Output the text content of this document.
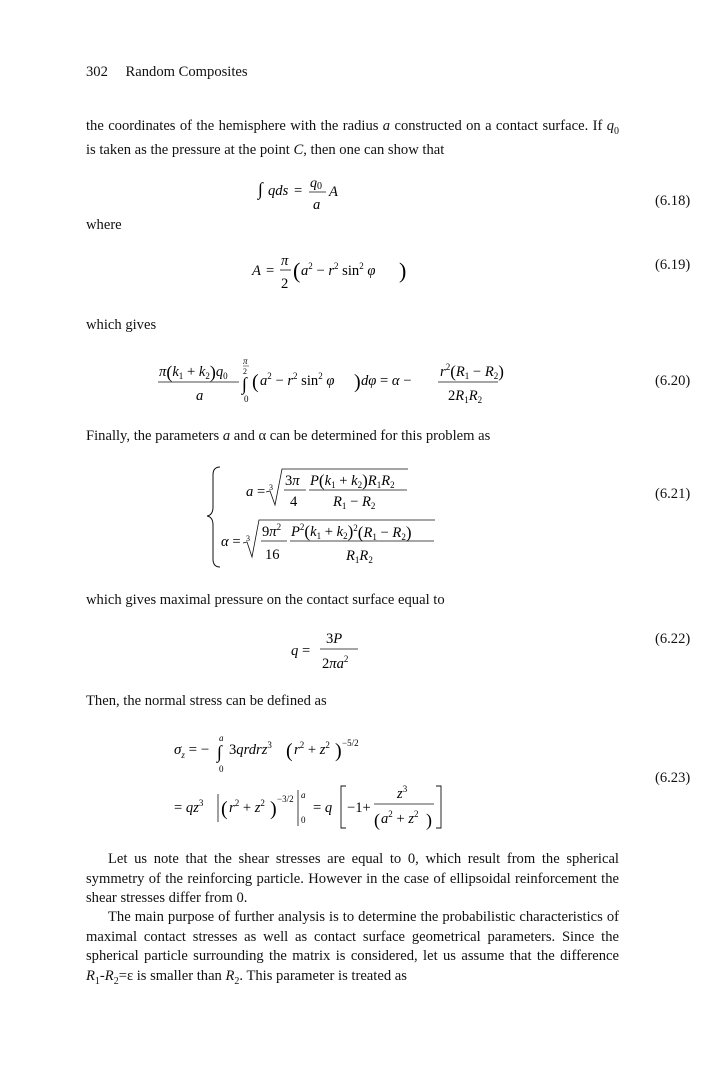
302 Random Composites
the coordinates of the hemisphere with the radius a constructed on a contact surface. If $q_0$ is taken as the pressure at the point C, then one can show that
∫ qds = q0
a
A
(6.18)
where
A =
π
2
( $a^2 - r^2$ $\sin^2 \varphi$ )	(6.19)
which gives
$\pi(k_1 + k_2)q_0$
a
π
2
∫
0
( $a^2 - r^2$ $\sin^2 \varphi$ ) dφ = α −
$r^2(R_1 - R_2)$
$2R_1R_2$
(6.20)
Finally, the parameters a and α can be determined for this problem as
a = 3 3π
4
$P(k_1 + k_2)R_1R_2$
$R_1 - R_2$
α = 3 $9\pi^2$
16
$P^2(k_1 + k_2)^2(R_1 - R_2)$
$R_1R_2$
(6.21)
which gives maximal pressure on the contact surface equal to
q =
3P
$2\pi a^2$
(6.22)
Then, the normal stress can be defined as
$\sigma_z$ = −
a
∫
0
3qrdrz$^3$ ( $r^2 + z^2$ ) −5/2
= $qz^3$ ( $r^2 + z^2$ ) −3/2 a
0
= q −1+
$z^3$
( $a^2 + z^2$ )
(6.23)
Let us note that the shear stresses are equal to 0, which result from the spherical symmetry of the reinforcing particle. However in the case of ellipsoidal reinforcement the shear stresses differ from 0.
The main purpose of further analysis is to determine the probabilistic characteristics of maximal contact stresses as well as contact surface geometrical parameters. Since the spherical particle surrounding the matrix is considered, let us assume that the difference $R_1-R_2=\varepsilon$ is smaller than $R_2$. This parameter is treated as
